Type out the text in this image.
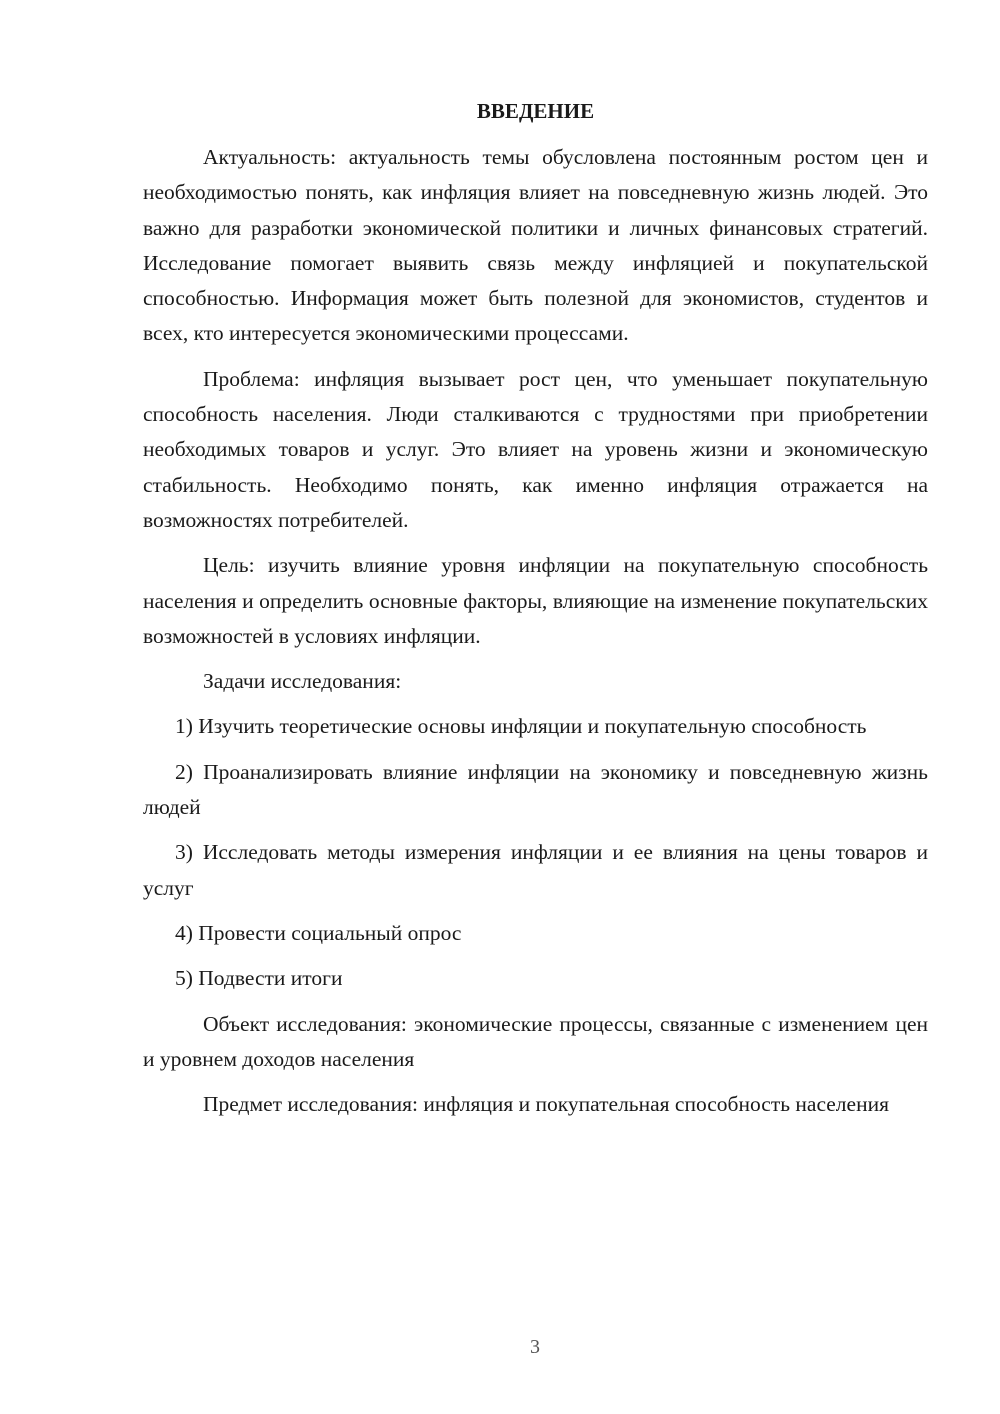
ВВЕДЕНИЕ

Актуальность: актуальность темы обусловлена постоянным ростом цен и необходимостью понять, как инфляция влияет на повседневную жизнь людей. Это важно для разработки экономической политики и личных финансовых стратегий. Исследование помогает выявить связь между инфляцией и покупательской способностью. Информация может быть полезной для экономистов, студентов и всех, кто интересуется экономическими процессами.

Проблема: инфляция вызывает рост цен, что уменьшает покупательную способность населения. Люди сталкиваются с трудностями при приобретении необходимых товаров и услуг. Это влияет на уровень жизни и экономическую стабильность. Необходимо понять, как именно инфляция отражается на возможностях потребителей.

Цель: изучить влияние уровня инфляции на покупательную способность населения и определить основные факторы, влияющие на изменение покупательских возможностей в условиях инфляции.

Задачи исследования:

1) Изучить теоретические основы инфляции и покупательную способность

2) Проанализировать влияние инфляции на экономику и повседневную жизнь людей

3) Исследовать методы измерения инфляции и ее влияния на цены товаров и услуг

4) Провести социальный опрос

5) Подвести итоги

Объект исследования: экономические процессы, связанные с изменением цен и уровнем доходов населения

Предмет исследования: инфляция и покупательная способность населения

3
